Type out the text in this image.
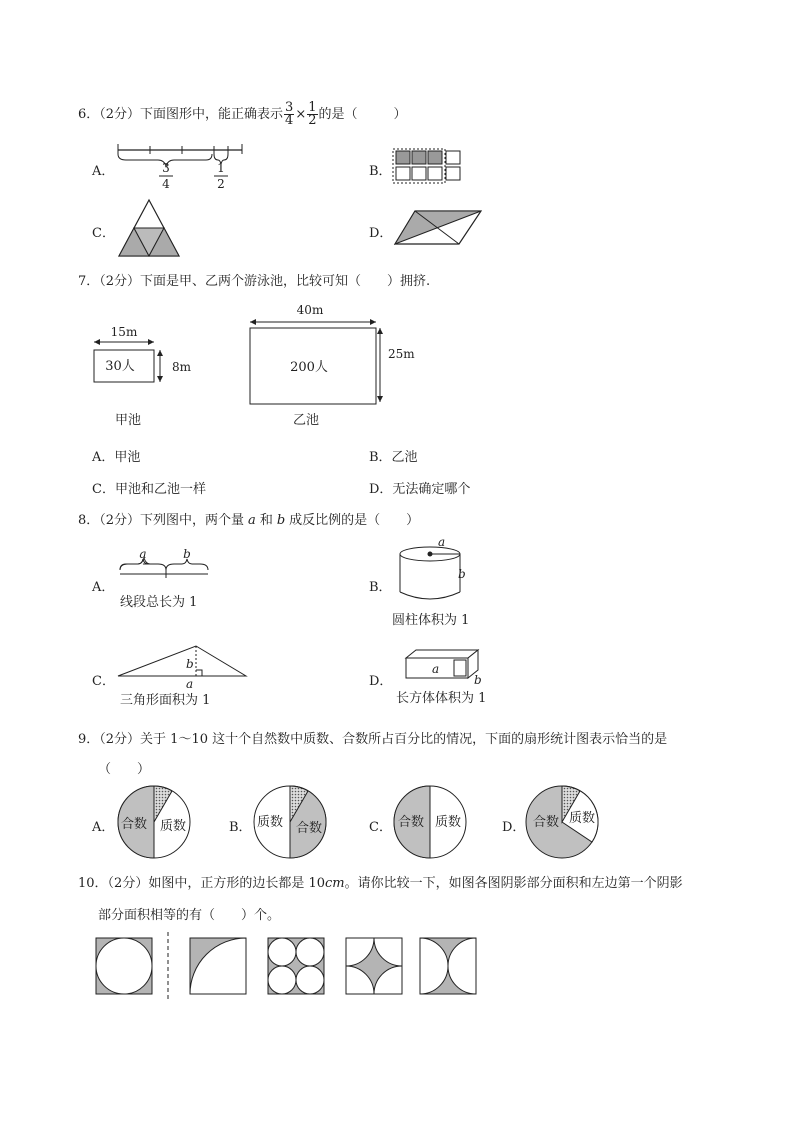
6．（2分）下面图形中，能正确表示 $\frac{3}{4} \times \frac{1}{2}$ 的是（	）
A．	3
4
1
2
B．
C．	D．
7．（2分）下面是甲、乙两个游泳池，比较可知（　　）拥挤.
15m
30人	8m
甲池
40m
200人
25m
乙池
A．甲池	B．乙池
C．甲池和乙池一样	D．无法确定哪个
8．（2分）下列图中，两个量 a 和 b 成反比例的是（　　）
A．
a	b
线段总长为 1
B．
a
b
圆柱体积为 1
C．
b
a
三角形面积为 1
D．
a
b
长方体体积为 1
9．（2分）关于 1～10 这十个自然数中质数、合数所占百分比的情况，下面的扇形统计图表示恰当的是
（　　）
A． 合数 质数	B． 质数 合数	C． 合数 质数	D． 合数 质数
10．（2分）如图中，正方形的边长都是 10cm。请你比较一下，如图各图阴影部分面积和左边第一个阴影
部分面积相等的有（　　）个。
